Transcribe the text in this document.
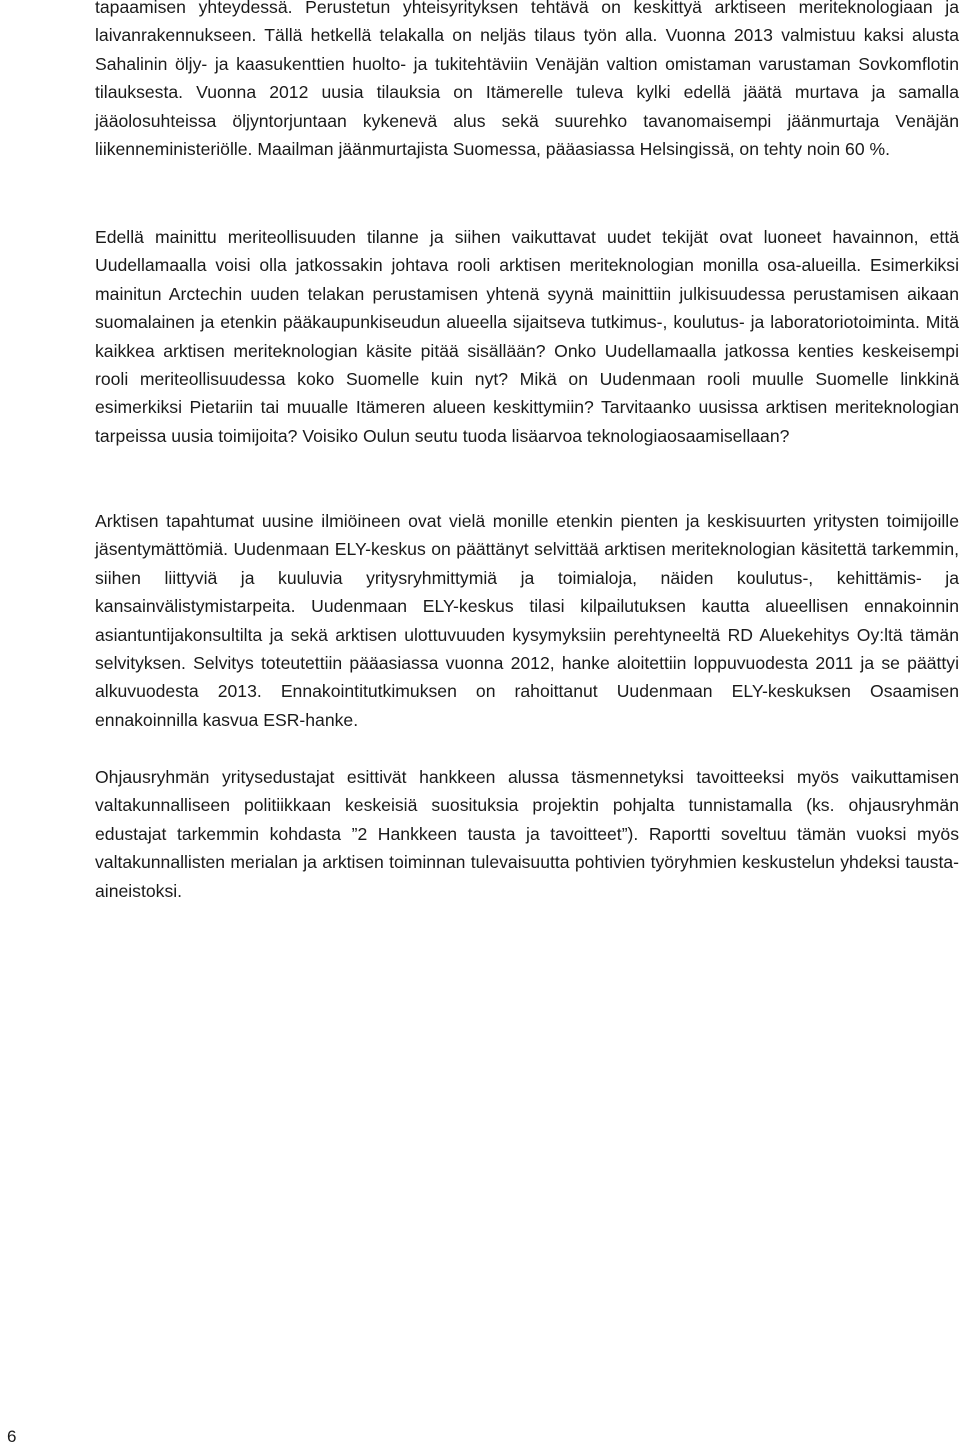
tapaamisen yhteydessä. Perustetun yhteisyrityksen tehtävä on keskittyä arktiseen meriteknologiaan ja laivanrakennukseen. Tällä hetkellä telakalla on neljäs tilaus työn alla. Vuonna 2013 valmistuu kaksi alusta Sahalinin öljy- ja kaasukenttien huolto- ja tukitehtäviin Venäjän valtion omistaman varustaman Sovkomflotin tilauksesta. Vuonna 2012 uusia tilauksia on Itämerelle tuleva kylki edellä jäätä murtava ja samalla jääolosuhteissa öljyntorjuntaan kykenevä alus sekä suurehko tavanomaisempi jäänmurtaja Venäjän liikenneministeriölle. Maailman jäänmurtajista Suomessa, pääasiassa Helsingissä, on tehty noin 60 %.

Edellä mainittu meriteollisuuden tilanne ja siihen vaikuttavat uudet tekijät ovat luoneet havainnon, että Uudellamaalla voisi olla jatkossakin johtava rooli arktisen meriteknologian monilla osa-alueilla. Esimerkiksi mainitun Arctechin uuden telakan perustamisen yhtenä syynä mainittiin julkisuudessa perustamisen aikaan suomalainen ja etenkin pääkaupunkiseudun alueella sijaitseva tutkimus-, koulutus- ja laboratoriotoiminta. Mitä kaikkea arktisen meriteknologian käsite pitää sisällään? Onko Uudellamaalla jatkossa kenties keskeisempi rooli meriteollisuudessa koko Suomelle kuin nyt? Mikä on Uudenmaan rooli muulle Suomelle linkkinä esimerkiksi Pietariin tai muualle Itämeren alueen keskittymiin? Tarvitaanko uusissa arktisen meriteknologian tarpeissa uusia toimijoita? Voisiko Oulun seutu tuoda lisäarvoa teknologiaosaamisellaan?

Arktisen tapahtumat uusine ilmiöineen ovat vielä monille etenkin pienten ja keskisuurten yritysten toimijoille jäsentymättömiä. Uudenmaan ELY-keskus on päättänyt selvittää arktisen meriteknologian käsitettä tarkemmin, siihen liittyviä ja kuuluvia yritysryhmittymiä ja toimialoja, näiden koulutus-, kehittämis- ja kansainvälistymistarpeita. Uudenmaan ELY-keskus tilasi kilpailutuksen kautta alueellisen ennakoinnin asiantuntijakonsultilta ja sekä arktisen ulottuvuuden kysymyksiin perehtyneeltä RD Aluekehitys Oy:ltä tämän selvityksen. Selvitys toteutettiin pääasiassa vuonna 2012, hanke aloitettiin loppuvuodesta 2011 ja se päättyi alkuvuodesta 2013. Ennakointitutkimuksen on rahoittanut Uudenmaan ELY-keskuksen Osaamisen ennakoinnilla kasvua ESR-hanke.

Ohjausryhmän yritysedustajat esittivät hankkeen alussa täsmennetyksi tavoitteeksi myös vaikuttamisen valtakunnalliseen politiikkaan keskeisiä suosituksia projektin pohjalta tunnistamalla (ks. ohjausryhmän edustajat tarkemmin kohdasta ”2 Hankkeen tausta ja tavoitteet”). Raportti soveltuu tämän vuoksi myös valtakunnallisten merialan ja arktisen toiminnan tulevaisuutta pohtivien työryhmien keskustelun yhdeksi tausta-aineistoksi.

6
